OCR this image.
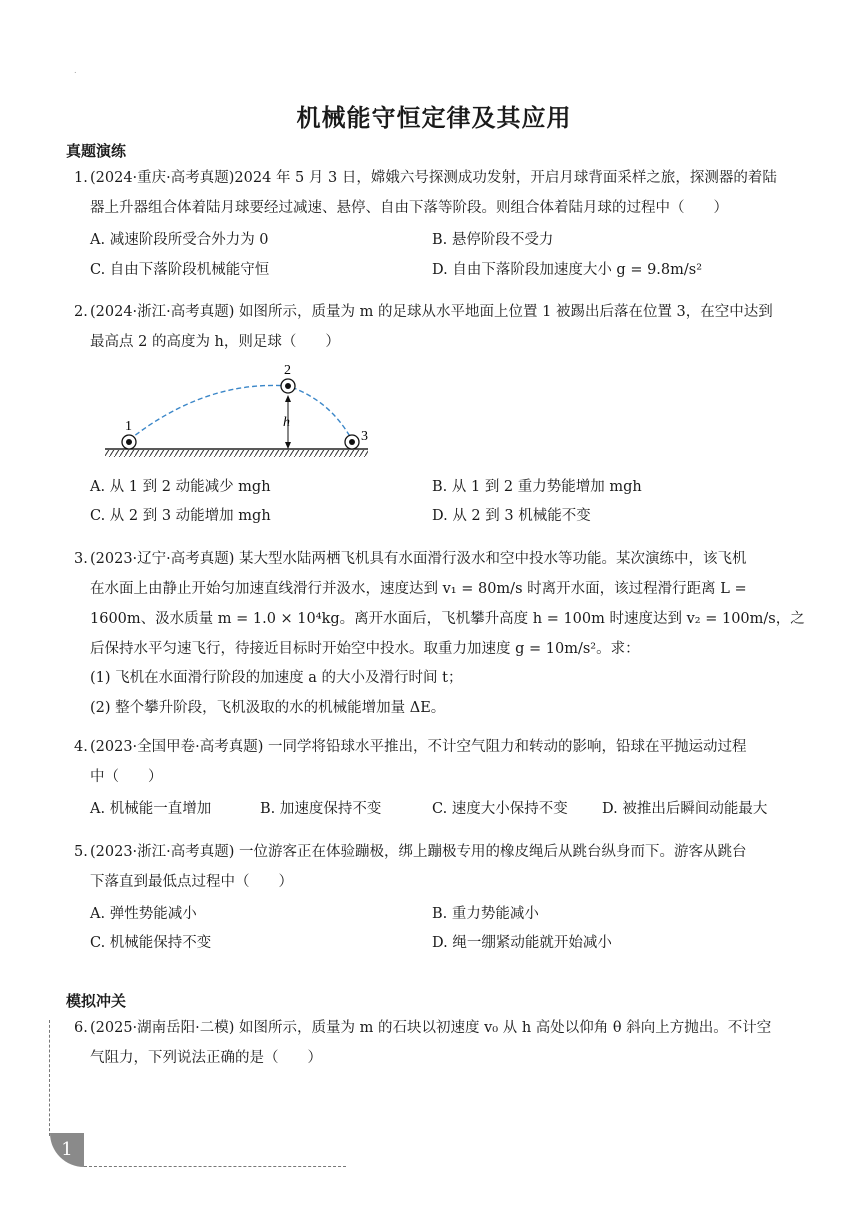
.
机械能守恒定律及其应用
真题演练
1. (2024·重庆·高考真题)2024 年 5 月 3 日，嫦娥六号探测成功发射，开启月球背面采样之旅，探测器的着陆
器上升器组合体着陆月球要经过减速、悬停、自由下落等阶段。则组合体着陆月球的过程中（　　）
A. 减速阶段所受合外力为 0	B. 悬停阶段不受力
C. 自由下落阶段机械能守恒	D. 自由下落阶段加速度大小 g = 9.8m/s²
2. (2024·浙江·高考真题) 如图所示，质量为 m 的足球从水平地面上位置 1 被踢出后落在位置 3，在空中达到
最高点 2 的高度为 h，则足球（　　）
1
2
3
h
A. 从 1 到 2 动能减少 mgh	B. 从 1 到 2 重力势能增加 mgh
C. 从 2 到 3 动能增加 mgh	D. 从 2 到 3 机械能不变
3. (2023·辽宁·高考真题) 某大型水陆两栖飞机具有水面滑行汲水和空中投水等功能。某次演练中，该飞机
在水面上由静止开始匀加速直线滑行并汲水，速度达到 v₁ = 80m/s 时离开水面，该过程滑行距离 L =
1600m、汲水质量 m = 1.0 × 10⁴kg。离开水面后，飞机攀升高度 h = 100m 时速度达到 v₂ = 100m/s，之
后保持水平匀速飞行，待接近目标时开始空中投水。取重力加速度 g = 10m/s²。求：
(1) 飞机在水面滑行阶段的加速度 a 的大小及滑行时间 t；
(2) 整个攀升阶段，飞机汲取的水的机械能增加量 ΔE。
4. (2023·全国甲卷·高考真题) 一同学将铅球水平推出，不计空气阻力和转动的影响，铅球在平抛运动过程
中（　　）
A. 机械能一直增加	B. 加速度保持不变	C. 速度大小保持不变 D. 被推出后瞬间动能最大
5. (2023·浙江·高考真题) 一位游客正在体验蹦极，绑上蹦极专用的橡皮绳后从跳台纵身而下。游客从跳台
下落直到最低点过程中（　　）
A. 弹性势能减小	B. 重力势能减小
C. 机械能保持不变	D. 绳一绷紧动能就开始减小
模拟冲关
6. (2025·湖南岳阳·二模) 如图所示，质量为 m 的石块以初速度 v₀ 从 h 高处以仰角 θ 斜向上方抛出。不计空
气阻力，下列说法正确的是（　　）
1
